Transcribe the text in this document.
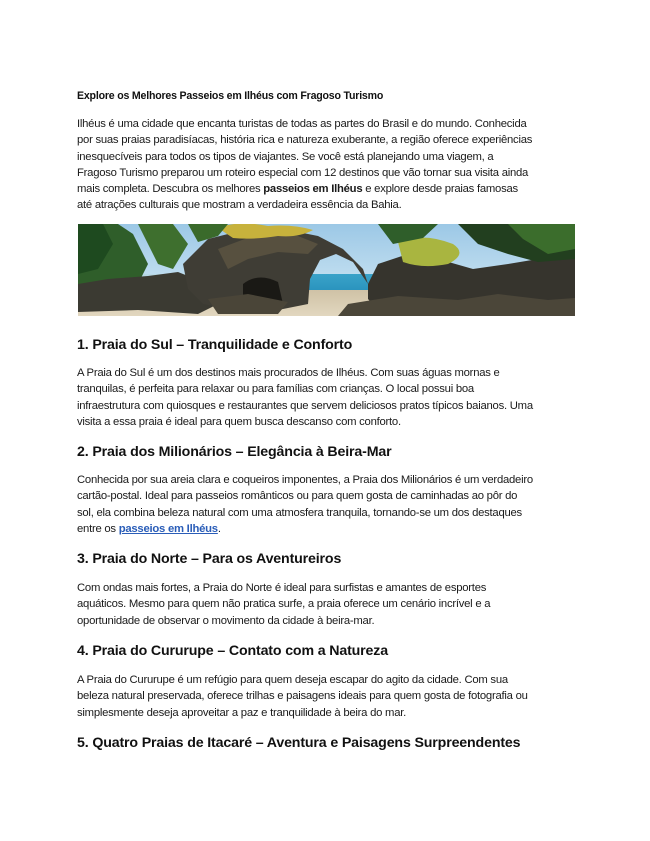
Explore os Melhores Passeios em Ilhéus com Fragoso Turismo
Ilhéus é uma cidade que encanta turistas de todas as partes do Brasil e do mundo. Conhecida
por suas praias paradisíacas, história rica e natureza exuberante, a região oferece experiências
inesquecíveis para todos os tipos de viajantes. Se você está planejando uma viagem, a
Fragoso Turismo preparou um roteiro especial com 12 destinos que vão tornar sua visita ainda
mais completa. Descubra os melhores passeios em Ilhéus e explore desde praias famosas
até atrações culturais que mostram a verdadeira essência da Bahia.
1. Praia do Sul – Tranquilidade e Conforto
A Praia do Sul é um dos destinos mais procurados de Ilhéus. Com suas águas mornas e
tranquilas, é perfeita para relaxar ou para famílias com crianças. O local possui boa
infraestrutura com quiosques e restaurantes que servem deliciosos pratos típicos baianos. Uma
visita a essa praia é ideal para quem busca descanso com conforto.
2. Praia dos Milionários – Elegância à Beira-Mar
Conhecida por sua areia clara e coqueiros imponentes, a Praia dos Milionários é um verdadeiro
cartão-postal. Ideal para passeios românticos ou para quem gosta de caminhadas ao pôr do
sol, ela combina beleza natural com uma atmosfera tranquila, tornando-se um dos destaques
entre os passeios em Ilhéus.
3. Praia do Norte – Para os Aventureiros
Com ondas mais fortes, a Praia do Norte é ideal para surfistas e amantes de esportes
aquáticos. Mesmo para quem não pratica surfe, a praia oferece um cenário incrível e a
oportunidade de observar o movimento da cidade à beira-mar.
4. Praia do Cururupe – Contato com a Natureza
A Praia do Cururupe é um refúgio para quem deseja escapar do agito da cidade. Com sua
beleza natural preservada, oferece trilhas e paisagens ideais para quem gosta de fotografia ou
simplesmente deseja aproveitar a paz e tranquilidade à beira do mar.
5. Quatro Praias de Itacaré – Aventura e Paisagens Surpreendentes
